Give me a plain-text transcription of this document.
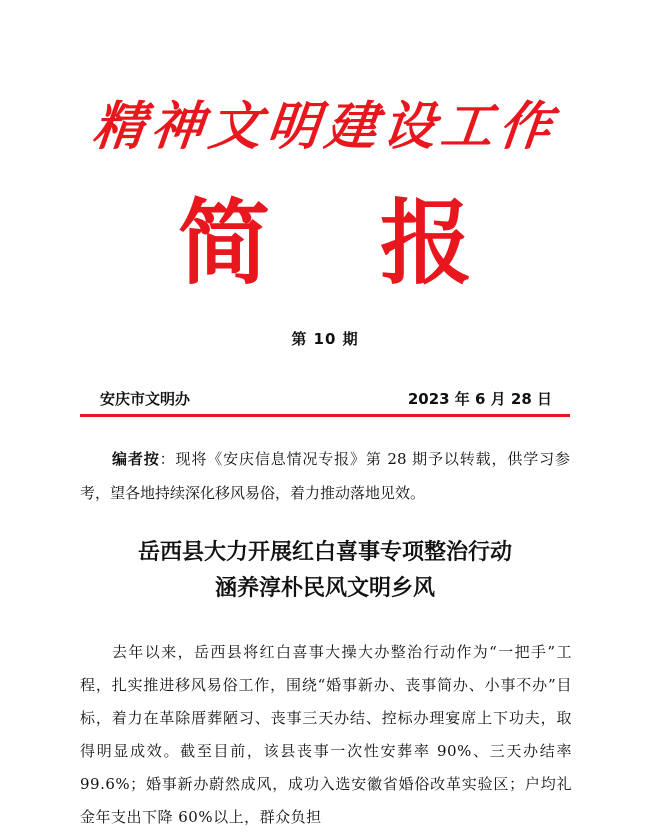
精神文明建设工作
简 报
第 10 期
安庆市文明办	2023 年 6 月 28 日
编者按：现将《安庆信息情况专报》第 28 期予以转载，供学习参考，望各地持续深化移风易俗，着力推动落地见效。
岳西县大力开展红白喜事专项整治行动
涵养淳朴民风文明乡风
去年以来，岳西县将红白喜事大操大办整治行动作为“一把手”工程，扎实推进移风易俗工作，围绕“婚事新办、丧事简办、小事不办”目标，着力在革除厝葬陋习、丧事三天办结、控标办理宴席上下功夫，取得明显成效。截至目前，该县丧事一次性安葬率 90%、三天办结率 99.6%；婚事新办蔚然成风，成功入选安徽省婚俗改革实验区；户均礼金年支出下降 60%以上，群众负担
